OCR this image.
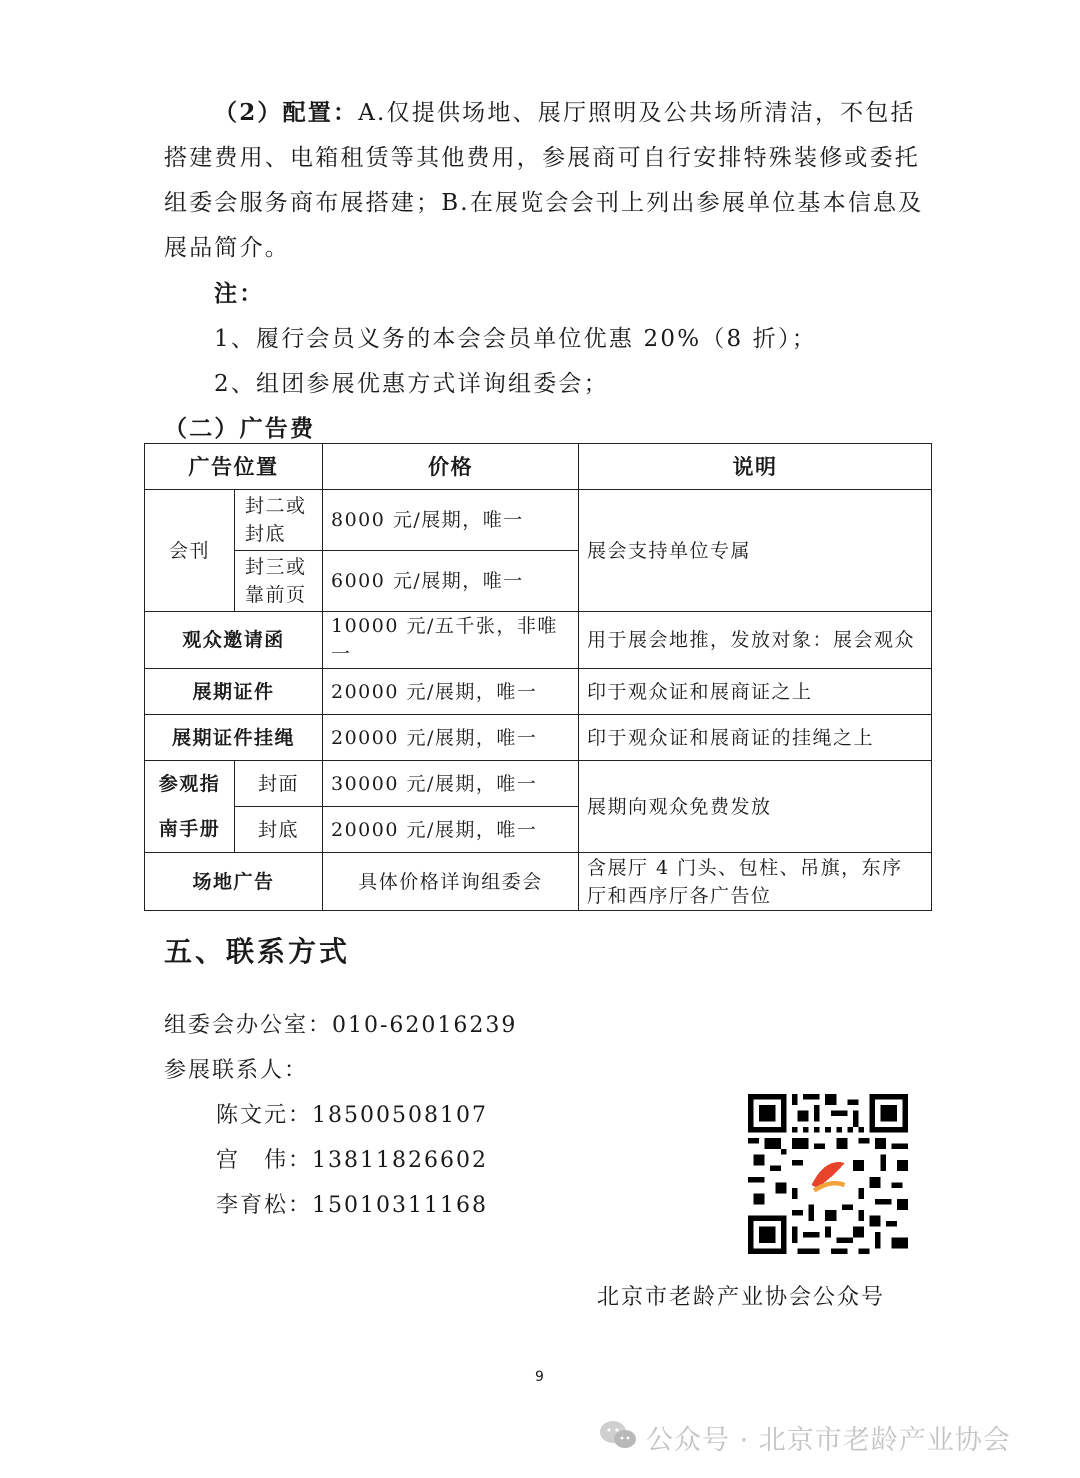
（2）配置：A.仅提供场地、展厅照明及公共场所清洁，不包括
搭建费用、电箱租赁等其他费用，参展商可自行安排特殊装修或委托
组委会服务商布展搭建；B.在展览会会刊上列出参展单位基本信息及
展品简介。
注：
1、履行会员义务的本会会员单位优惠 20%（8 折）；
2、组团参展优惠方式详询组委会；
（二）广告费
广告位置		价格	说明
会刊	封二或封底	8000 元/展期，唯一	展会支持单位专属
	封三或靠前页	6000 元/展期，唯一	
观众邀请函		10000 元/五千张，非唯一	用于展会地推，发放对象：展会观众
展期证件		20000 元/展期，唯一	印于观众证和展商证之上
展期证件挂绳		20000 元/展期，唯一	印于观众证和展商证的挂绳之上
参观指	封面	30000 元/展期，唯一	展期向观众免费发放
南手册	封底	20000 元/展期，唯一	
场地广告		具体价格详询组委会	含展厅 4 门头、包柱、吊旗，东序厅和西序厅各广告位
五、联系方式
组委会办公室：010-62016239
参展联系人：
陈文元：18500508107
宫　伟：13811826602
李育松：15010311168
北京市老龄产业协会公众号
9
公众号 · 北京市老龄产业协会
